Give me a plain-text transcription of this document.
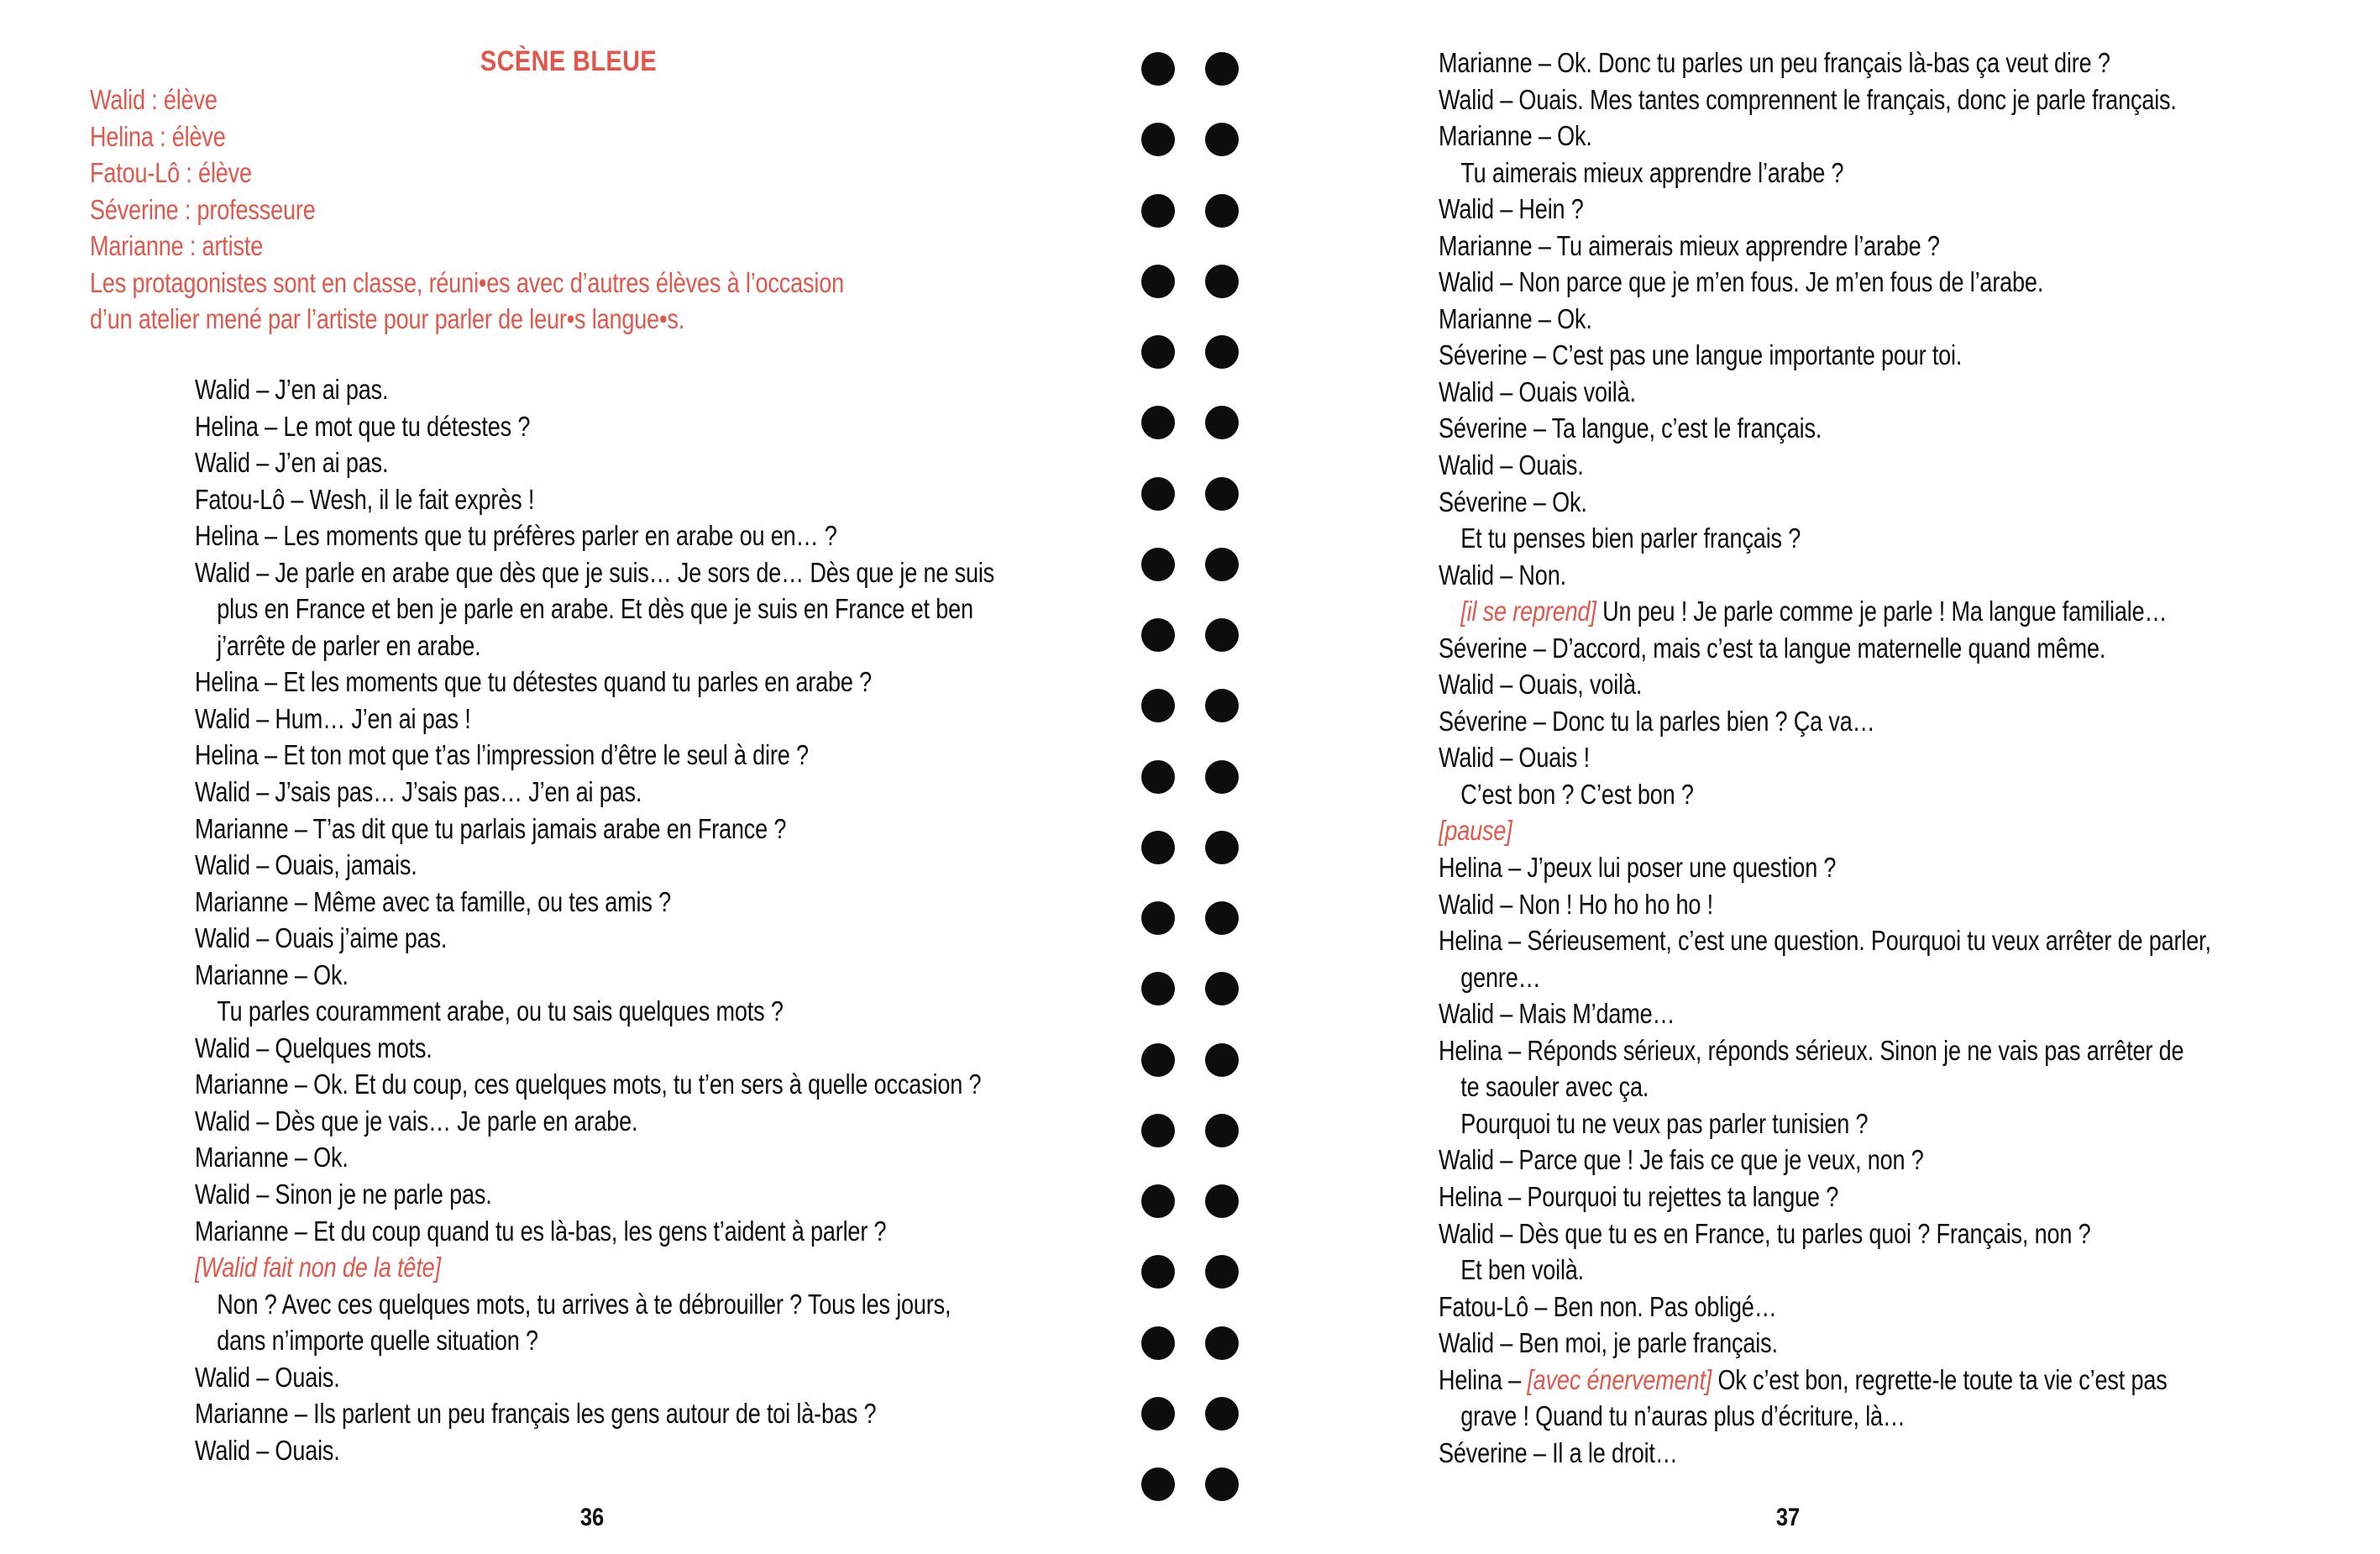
SCÈNE BLEUE
Walid : élève
Helina : élève
Fatou-Lô : élève
Séverine : professeure
Marianne : artiste
Les protagonistes sont en classe, réuni•es avec d’autres élèves à l’occasion
d’un atelier mené par l’artiste pour parler de leur•s langue•s.
Walid – J’en ai pas.
Helina – Le mot que tu détestes ?
Walid – J’en ai pas.
Fatou-Lô – Wesh, il le fait exprès !
Helina – Les moments que tu préfères parler en arabe ou en… ?
Walid – Je parle en arabe que dès que je suis… Je sors de… Dès que je ne suis
plus en France et ben je parle en arabe. Et dès que je suis en France et ben
j’arrête de parler en arabe.
Helina – Et les moments que tu détestes quand tu parles en arabe ?
Walid – Hum… J’en ai pas !
Helina – Et ton mot que t’as l’impression d’être le seul à dire ?
Walid – J’sais pas… J’sais pas… J’en ai pas.
Marianne – T’as dit que tu parlais jamais arabe en France ?
Walid – Ouais, jamais.
Marianne – Même avec ta famille, ou tes amis ?
Walid – Ouais j’aime pas.
Marianne – Ok.
Tu parles couramment arabe, ou tu sais quelques mots ?
Walid – Quelques mots.
Marianne – Ok. Et du coup, ces quelques mots, tu t’en sers à quelle occasion ?
Walid – Dès que je vais… Je parle en arabe.
Marianne – Ok.
Walid – Sinon je ne parle pas.
Marianne – Et du coup quand tu es là-bas, les gens t’aident à parler ?
[Walid fait non de la tête]
Non ? Avec ces quelques mots, tu arrives à te débrouiller ? Tous les jours,
dans n’importe quelle situation ?
Walid – Ouais.
Marianne – Ils parlent un peu français les gens autour de toi là-bas ?
Walid – Ouais.
36
Marianne – Ok. Donc tu parles un peu français là-bas ça veut dire ?
Walid – Ouais. Mes tantes comprennent le français, donc je parle français.
Marianne – Ok.
Tu aimerais mieux apprendre l’arabe ?
Walid – Hein ?
Marianne – Tu aimerais mieux apprendre l’arabe ?
Walid – Non parce que je m’en fous. Je m’en fous de l’arabe.
Marianne – Ok.
Séverine – C’est pas une langue importante pour toi.
Walid – Ouais voilà.
Séverine – Ta langue, c’est le français.
Walid – Ouais.
Séverine – Ok.
Et tu penses bien parler français ?
Walid – Non.
[il se reprend] Un peu ! Je parle comme je parle ! Ma langue familiale…
Séverine – D’accord, mais c’est ta langue maternelle quand même.
Walid – Ouais, voilà.
Séverine – Donc tu la parles bien ? Ça va…
Walid – Ouais !
C’est bon ? C’est bon ?
[pause]
Helina – J’peux lui poser une question ?
Walid – Non ! Ho ho ho ho !
Helina – Sérieusement, c’est une question. Pourquoi tu veux arrêter de parler,
genre…
Walid – Mais M’dame…
Helina – Réponds sérieux, réponds sérieux. Sinon je ne vais pas arrêter de
te saouler avec ça.
Pourquoi tu ne veux pas parler tunisien ?
Walid – Parce que ! Je fais ce que je veux, non ?
Helina – Pourquoi tu rejettes ta langue ?
Walid – Dès que tu es en France, tu parles quoi ? Français, non ?
Et ben voilà.
Fatou-Lô – Ben non. Pas obligé…
Walid – Ben moi, je parle français.
Helina – [avec énervement] Ok c’est bon, regrette-le toute ta vie c’est pas
grave ! Quand tu n’auras plus d’écriture, là…
Séverine – Il a le droit…
37
